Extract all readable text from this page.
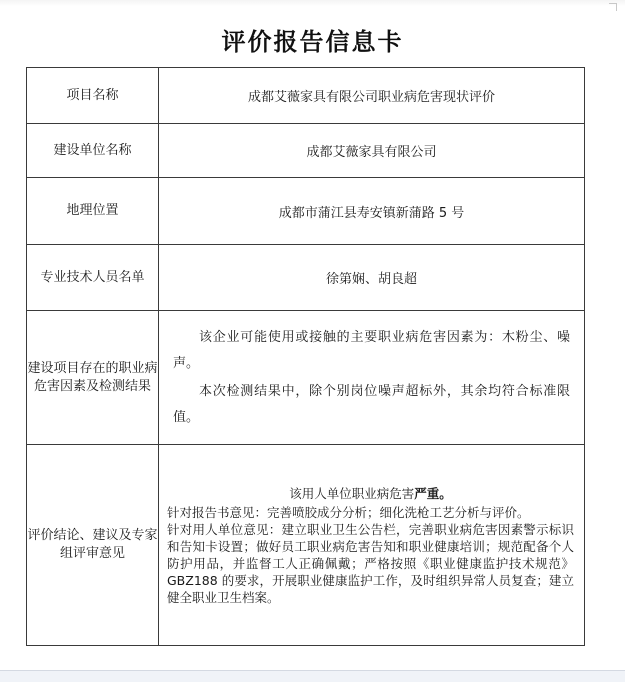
评价报告信息卡
项目名称	成都艾薇家具有限公司职业病危害现状评价
建设单位名称	成都艾薇家具有限公司
地理位置	成都市蒲江县寿安镇新蒲路 5 号
专业技术人员名单	徐第娴、胡良超
建设项目存在的职业病危害因素及检测结果	该企业可能使用或接触的主要职业病危害因素为：木粉尘、噪声。

本次检测结果中，除个别岗位噪声超标外，其余均符合标准限值。

评价结论、建议及专家组评审意见	该用人单位职业病危害严重。

针对报告书意见：完善喷胶成分分析；细化洗枪工艺分析与评价。

针对用人单位意见：建立职业卫生公告栏，完善职业病危害因素警示标识和告知卡设置；做好员工职业病危害告知和职业健康培训；规范配备个人防护用品，并监督工人正确佩戴；严格按照《职业健康监护技术规范》GBZ188 的要求，开展职业健康监护工作，及时组织异常人员复查；建立健全职业卫生档案。
